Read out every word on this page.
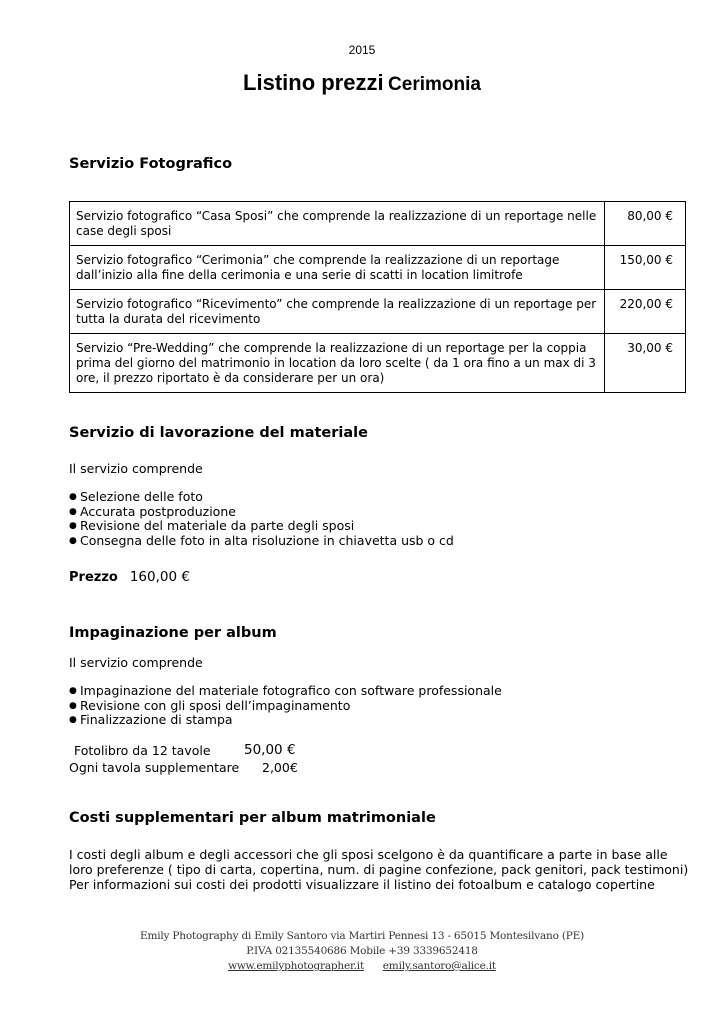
2015
Listino prezzi Cerimonia
Servizio Fotografico
Servizio fotografico “Casa Sposi” che comprende la realizzazione di un reportage nelle case degli sposi	80,00 €
Servizio fotografico “Cerimonia” che comprende la realizzazione di un reportage dall’inizio alla fine della cerimonia e una serie di scatti in location limitrofe	150,00 €
Servizio fotografico “Ricevimento” che comprende la realizzazione di un reportage per tutta la durata del ricevimento	220,00 €
Servizio “Pre-Wedding” che comprende la realizzazione di un reportage per la coppia prima del giorno del matrimonio in location da loro scelte ( da 1 ora fino a un max di 3 ore, il prezzo riportato è da considerare per un ora)	30,00 €
Servizio di lavorazione del materiale
Il servizio comprende
● Selezione delle foto
● Accurata postproduzione
● Revisione del materiale da parte degli sposi
● Consegna delle foto in alta risoluzione in chiavetta usb o cd
Prezzo 160,00 €
Impaginazione per album
Il servizio comprende
● Impaginazione del materiale fotografico con software professionale
● Revisione con gli sposi dell’impaginamento
● Finalizzazione di stampa
Fotolibro da 12 tavole 50,00 €
Ogni tavola supplementare 2,00€
Costi supplementari per album matrimoniale
I costi degli album e degli accessori che gli sposi scelgono è da quantificare a parte in base alle loro preferenze ( tipo di carta, copertina, num. di pagine confezione, pack genitori, pack testimoni)
Per informazioni sui costi dei prodotti visualizzare il listino dei fotoalbum e catalogo copertine
Emily Photography di Emily Santoro via Martiri Pennesi 13 - 65015 Montesilvano (PE)
P.IVA 02135540686 Mobile +39 3339652418
www.emilyphotographer.it emily.santoro@alice.it
